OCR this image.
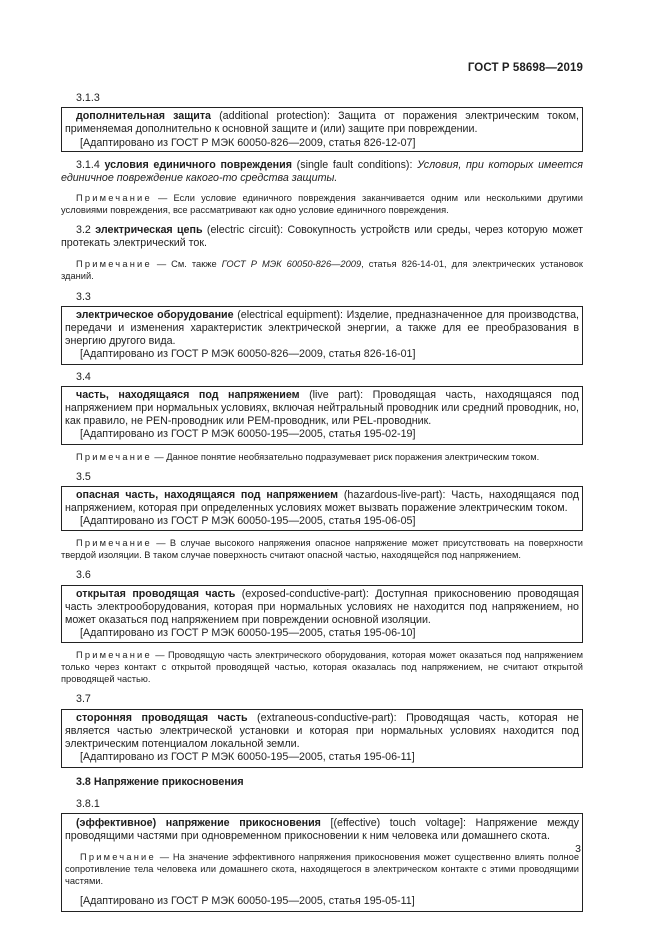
ГОСТ Р 58698—2019
3.1.3
дополнительная защита (additional protection): Защита от поражения электрическим током, применяемая дополнительно к основной защите и (или) защите при повреждении.
[Адаптировано из ГОСТ Р МЭК 60050-826—2009, статья 826-12-07]
3.1.4 условия единичного повреждения (single fault conditions): Условия, при которых имеется единичное повреждение какого-то средства защиты.
Примечание — Если условие единичного повреждения заканчивается одним или несколькими другими условиями повреждения, все рассматривают как одно условие единичного повреждения.
3.2 электрическая цепь (electric circuit): Совокупность устройств или среды, через которую может протекать электрический ток.
Примечание — См. также ГОСТ Р МЭК 60050-826—2009, статья 826-14-01, для электрических установок зданий.
3.3
электрическое оборудование (electrical equipment): Изделие, предназначенное для производства, передачи и изменения характеристик электрической энергии, а также для ее преобразования в энергию другого вида.
[Адаптировано из ГОСТ Р МЭК 60050-826—2009, статья 826-16-01]
3.4
часть, находящаяся под напряжением (live part): Проводящая часть, находящаяся под напряжением при нормальных условиях, включая нейтральный проводник или средний проводник, но, как правило, не PEN-проводник или PEM-проводник, или PEL-проводник.
[Адаптировано из ГОСТ Р МЭК 60050-195—2005, статья 195-02-19]
Примечание — Данное понятие необязательно подразумевает риск поражения электрическим током.
3.5
опасная часть, находящаяся под напряжением (hazardous-live-part): Часть, находящаяся под напряжением, которая при определенных условиях может вызвать поражение электрическим током.
[Адаптировано из ГОСТ Р МЭК 60050-195—2005, статья 195-06-05]
Примечание — В случае высокого напряжения опасное напряжение может присутствовать на поверхности твердой изоляции. В таком случае поверхность считают опасной частью, находящейся под напряжением.
3.6
открытая проводящая часть (exposed-conductive-part): Доступная прикосновению проводящая часть электрооборудования, которая при нормальных условиях не находится под напряжением, но может оказаться под напряжением при повреждении основной изоляции.
[Адаптировано из ГОСТ Р МЭК 60050-195—2005, статья 195-06-10]
Примечание — Проводящую часть электрического оборудования, которая может оказаться под напряжением только через контакт с открытой проводящей частью, которая оказалась под напряжением, не считают открытой проводящей частью.
3.7
сторонняя проводящая часть (extraneous-conductive-part): Проводящая часть, которая не является частью электрической установки и которая при нормальных условиях находится под электрическим потенциалом локальной земли.
[Адаптировано из ГОСТ Р МЭК 60050-195—2005, статья 195-06-11]
3.8 Напряжение прикосновения
3.8.1
(эффективное) напряжение прикосновения [(effective) touch voltage]: Напряжение между проводящими частями при одновременном прикосновении к ним человека или домашнего скота.
Примечание — На значение эффективного напряжения прикосновения может существенно влиять полное сопротивление тела человека или домашнего скота, находящегося в электрическом контакте с этими проводящими частями.
[Адаптировано из ГОСТ Р МЭК 60050-195—2005, статья 195-05-11]
3
